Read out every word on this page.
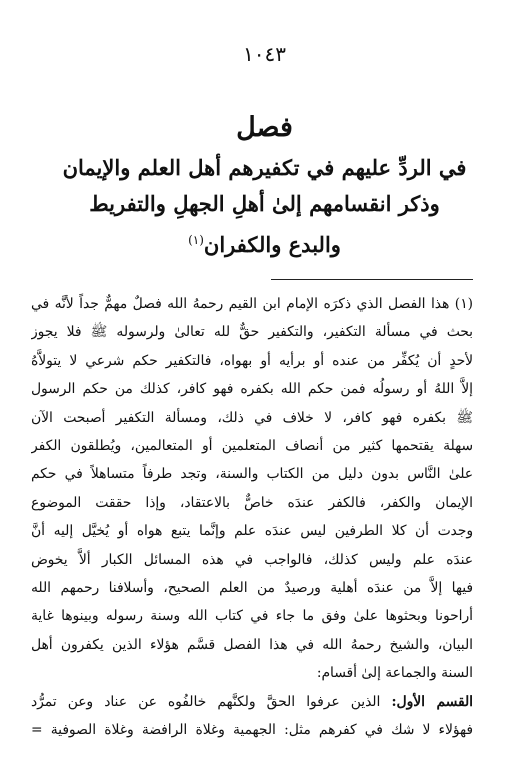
١٠٤٣
فصل
في الردِّ عليهم في تكفيرهم أهل العلم والإيمان
وذكر انقسامهم إلىٰ أهلِ الجهلِ والتفريط
والبدع والكفران$^{(١)}$
(١) هذا الفصل الذي ذكرَه الإمام ابن القيم رحمهُ الله فصلٌ مهمٌّ جداً لأنَّه في
بحث في مسألة التكفير، والتكفير حقٌّ لله تعالىٰ ولرسوله ﷺ فلا يجوز
لأحدٍ أن يُكفِّر من عنده أو برأيه أو بهواه، فالتكفير حكم شرعي لا يتولاَّهُ
إلاَّ اللهُ أو رسولُه فمن حكم الله بكفره فهو كافر، كذلك من حكم الرسول
ﷺ بكفره فهو كافر، لا خلاف في ذلك، ومسألة التكفير أصبحت الآن
سهلة يقتحمها كثير من أنصاف المتعلمين أو المتعالمين، ويُطلقون الكفر
علىٰ النَّاس بدون دليل من الكتاب والسنة، وتجد طرفاً متساهلاً في حكم
الإيمان والكفر، فالكفر عندَه خاصٌّ بالاعتقاد، وإذا حققت الموضوع
وجدت أن كلا الطرفين ليس عندَه علم وإنَّما يتبع هواه أو يُخيَّل إليه أنَّ
عندَه علم وليس كذلك، فالواجب في هذه المسائل الكبار ألاَّ يخوض
فيها إلاَّ من عندَه أهلية ورصيدٌ من العلم الصحيح، وأسلافنا رحمهم الله
أراحونا وبحثوها علىٰ وفق ما جاء في كتاب الله وسنة رسوله وبينوها غاية
البيان، والشيخ رحمهُ الله في هذا الفصل قسَّم هؤلاء الذين يكفرون أهل
السنة والجماعة إلىٰ أقسام:
القسم الأول: الذين عرفوا الحقَّ ولكنَّهم خالفُوه عن عناد وعن تمرُّد
فهؤلاء لا شك في كفرهم مثل: الجهمية وغلاة الرافضة وغلاة الصوفية =
